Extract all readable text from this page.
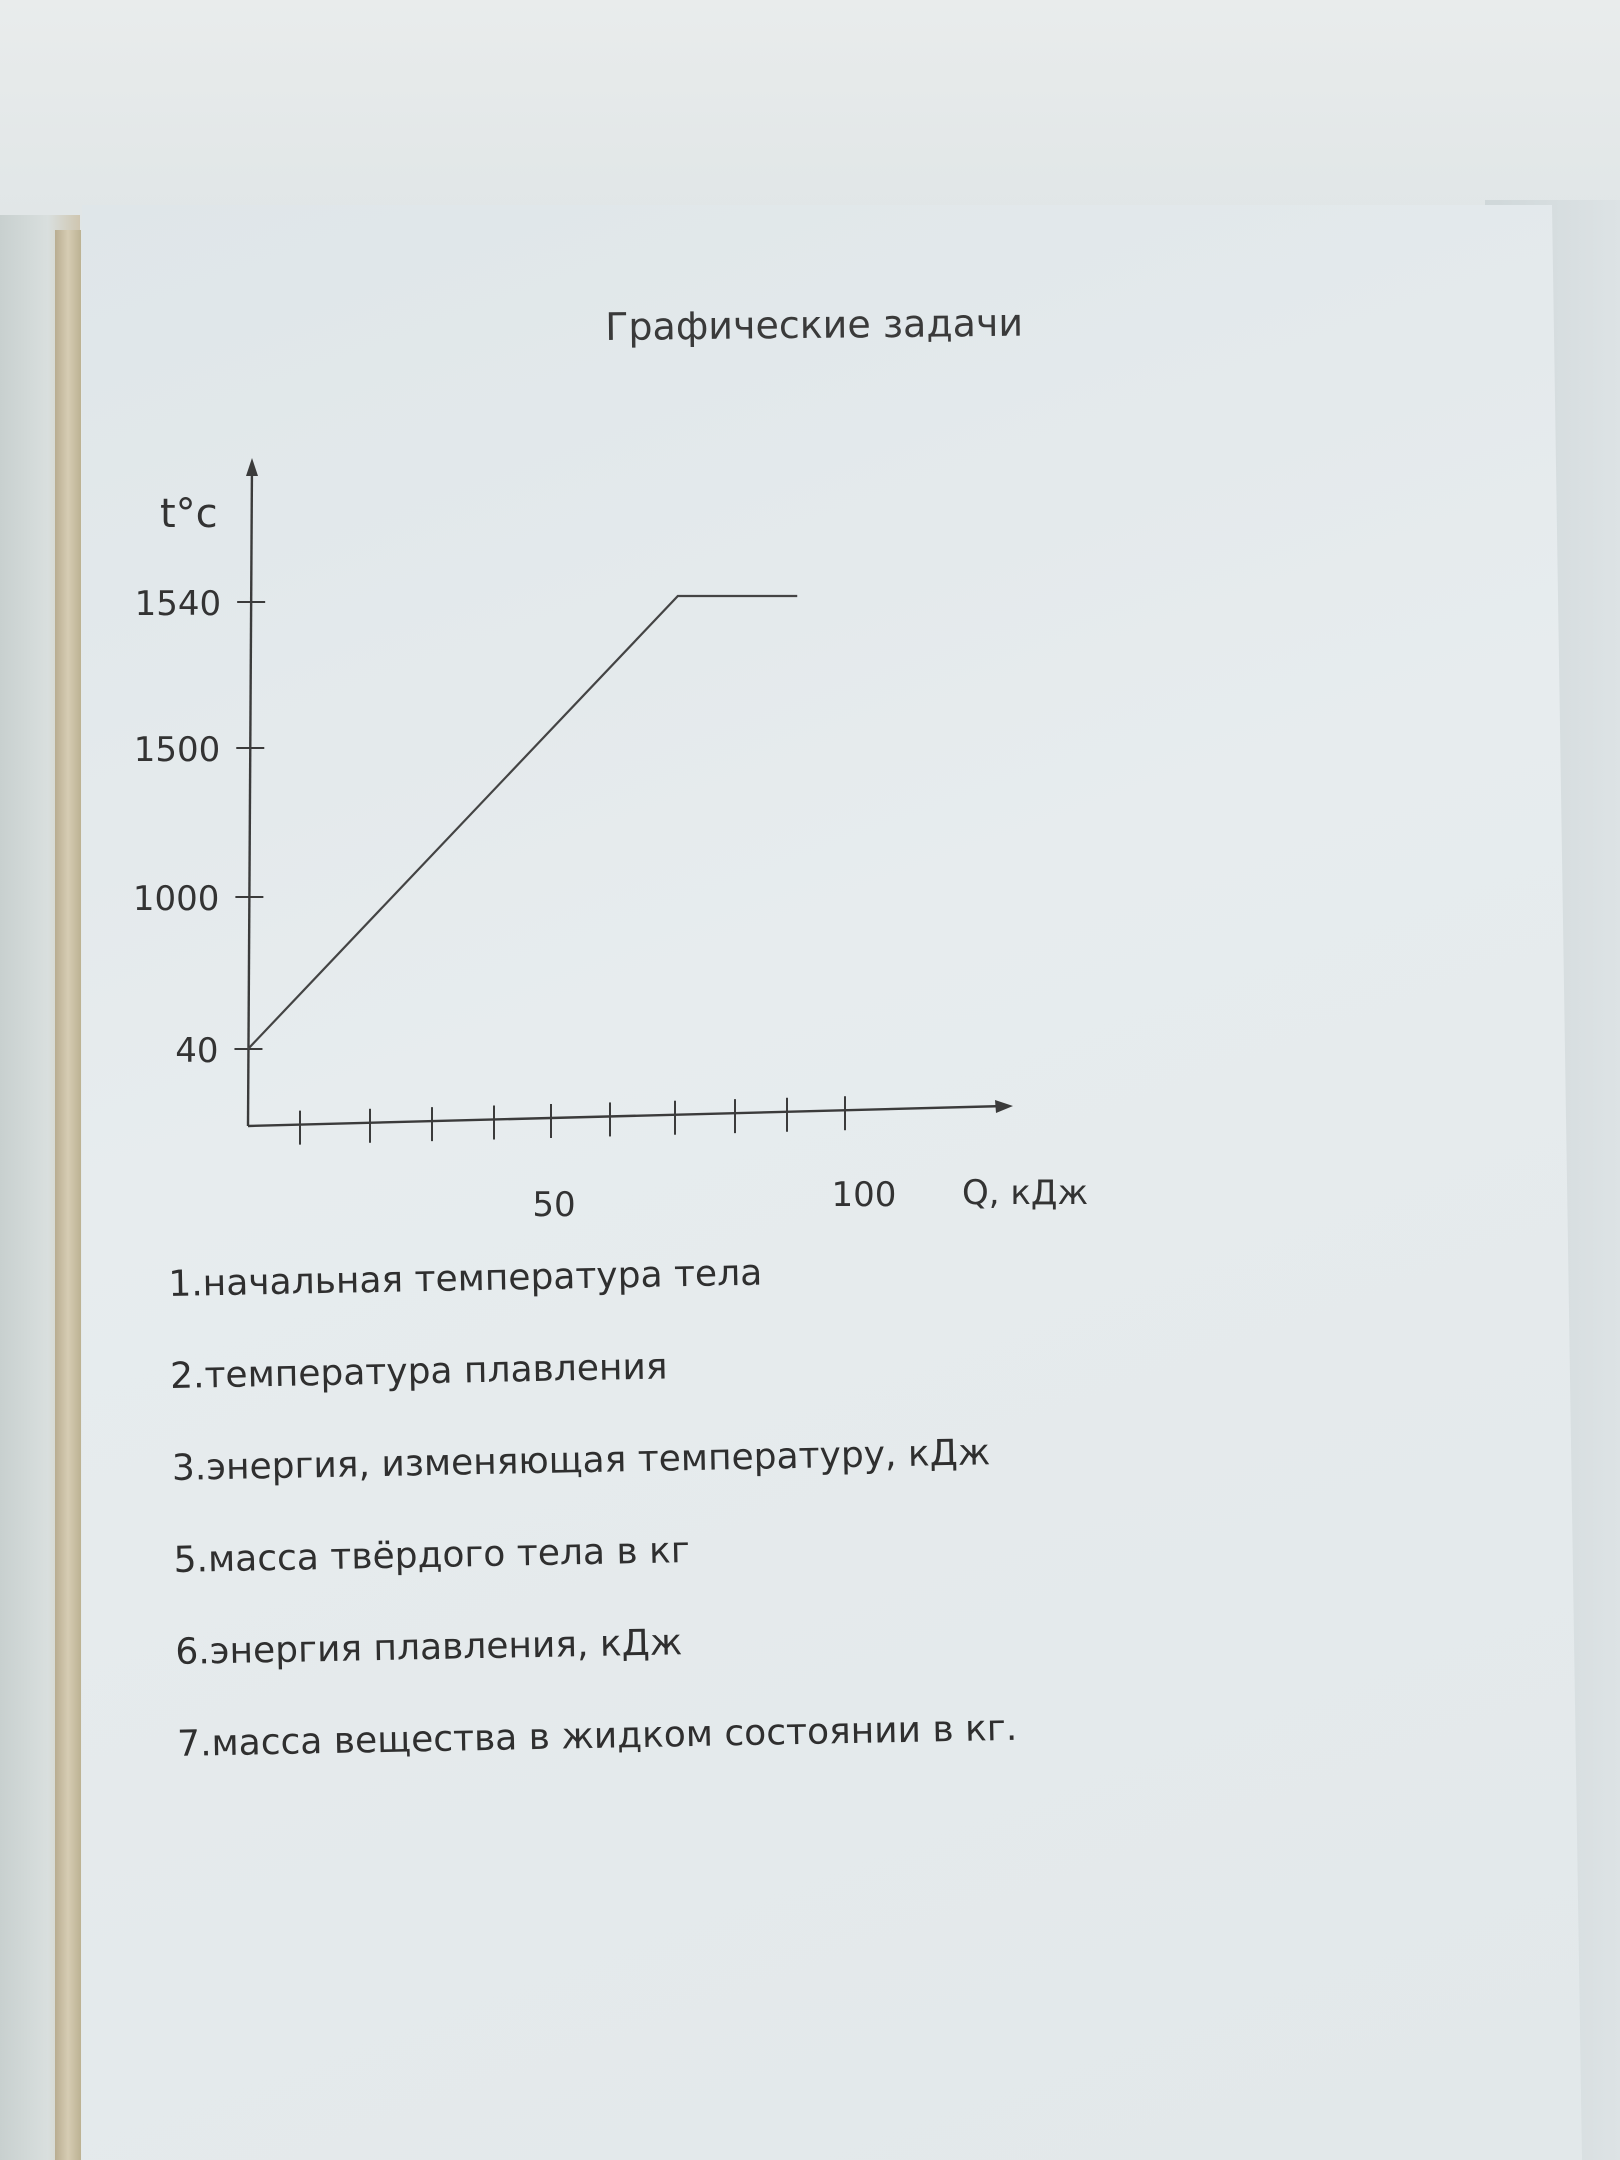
Графические задачи
1540
1500
1000
40
50	100
t°c
Q, кДж
1.начальная температура тела
2.температура плавления
3.энергия, изменяющая температуру, кДж
5.масса твёрдого тела в кг
6.энергия плавления, кДж
7.масса вещества в жидком состоянии в кг.
